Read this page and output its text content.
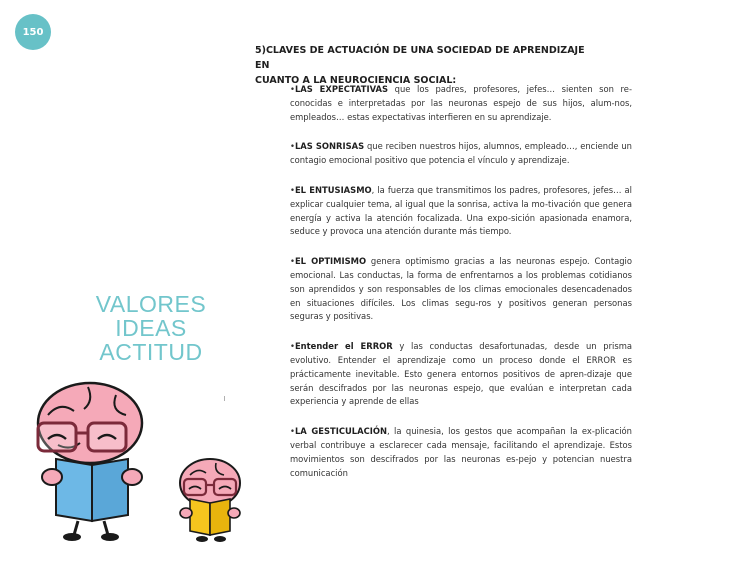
150
5)CLAVES DE ACTUACIÓN DE UNA SOCIEDAD DE APRENDIZAJE EN
CUANTO A LA NEUROCIENCIA SOCIAL:

•LAS EXPECTATIVAS que los padres, profesores, jefes… sienten son re-conocidas e interpretadas por las neuronas espejo de sus hijos, alum-nos, empleados… estas expectativas interfieren en su aprendizaje.

•LAS SONRISAS que reciben nuestros hijos, alumnos, empleado…, enciende un contagio emocional positivo que potencia el vínculo y aprendizaje.

•EL ENTUSIASMO, la fuerza que transmitimos los padres, profesores, jefes… al explicar cualquier tema, al igual que la sonrisa, activa la mo-tivación que genera energía y activa la atención focalizada. Una expo-sición apasionada enamora, seduce y provoca una atención durante más tiempo.

•EL OPTIMISMO genera optimismo gracias a las neuronas espejo. Contagio emocional. Las conductas, la forma de enfrentarnos a los problemas cotidianos son aprendidos y son responsables de los climas emocionales desencadenados en situaciones difíciles. Los climas segu-ros y positivos generan personas seguras y positivas.

•Entender el ERROR y las conductas desafortunadas, desde un prisma evolutivo. Entender el aprendizaje como un proceso donde el ERROR es prácticamente inevitable. Esto genera entornos positivos de apren-dizaje que serán descifrados por las neuronas espejo, que evalúan e interpretan cada experiencia y aprende de ellas

•LA GESTICULACIÓN, la quinesia, los gestos que acompañan la ex-plicación verbal contribuye a esclarecer cada mensaje, facilitando el aprendizaje. Estos movimientos son descifrados por las neuronas es-pejo y potencian nuestra comunicación

VALORES
IDEAS
ACTITUD
